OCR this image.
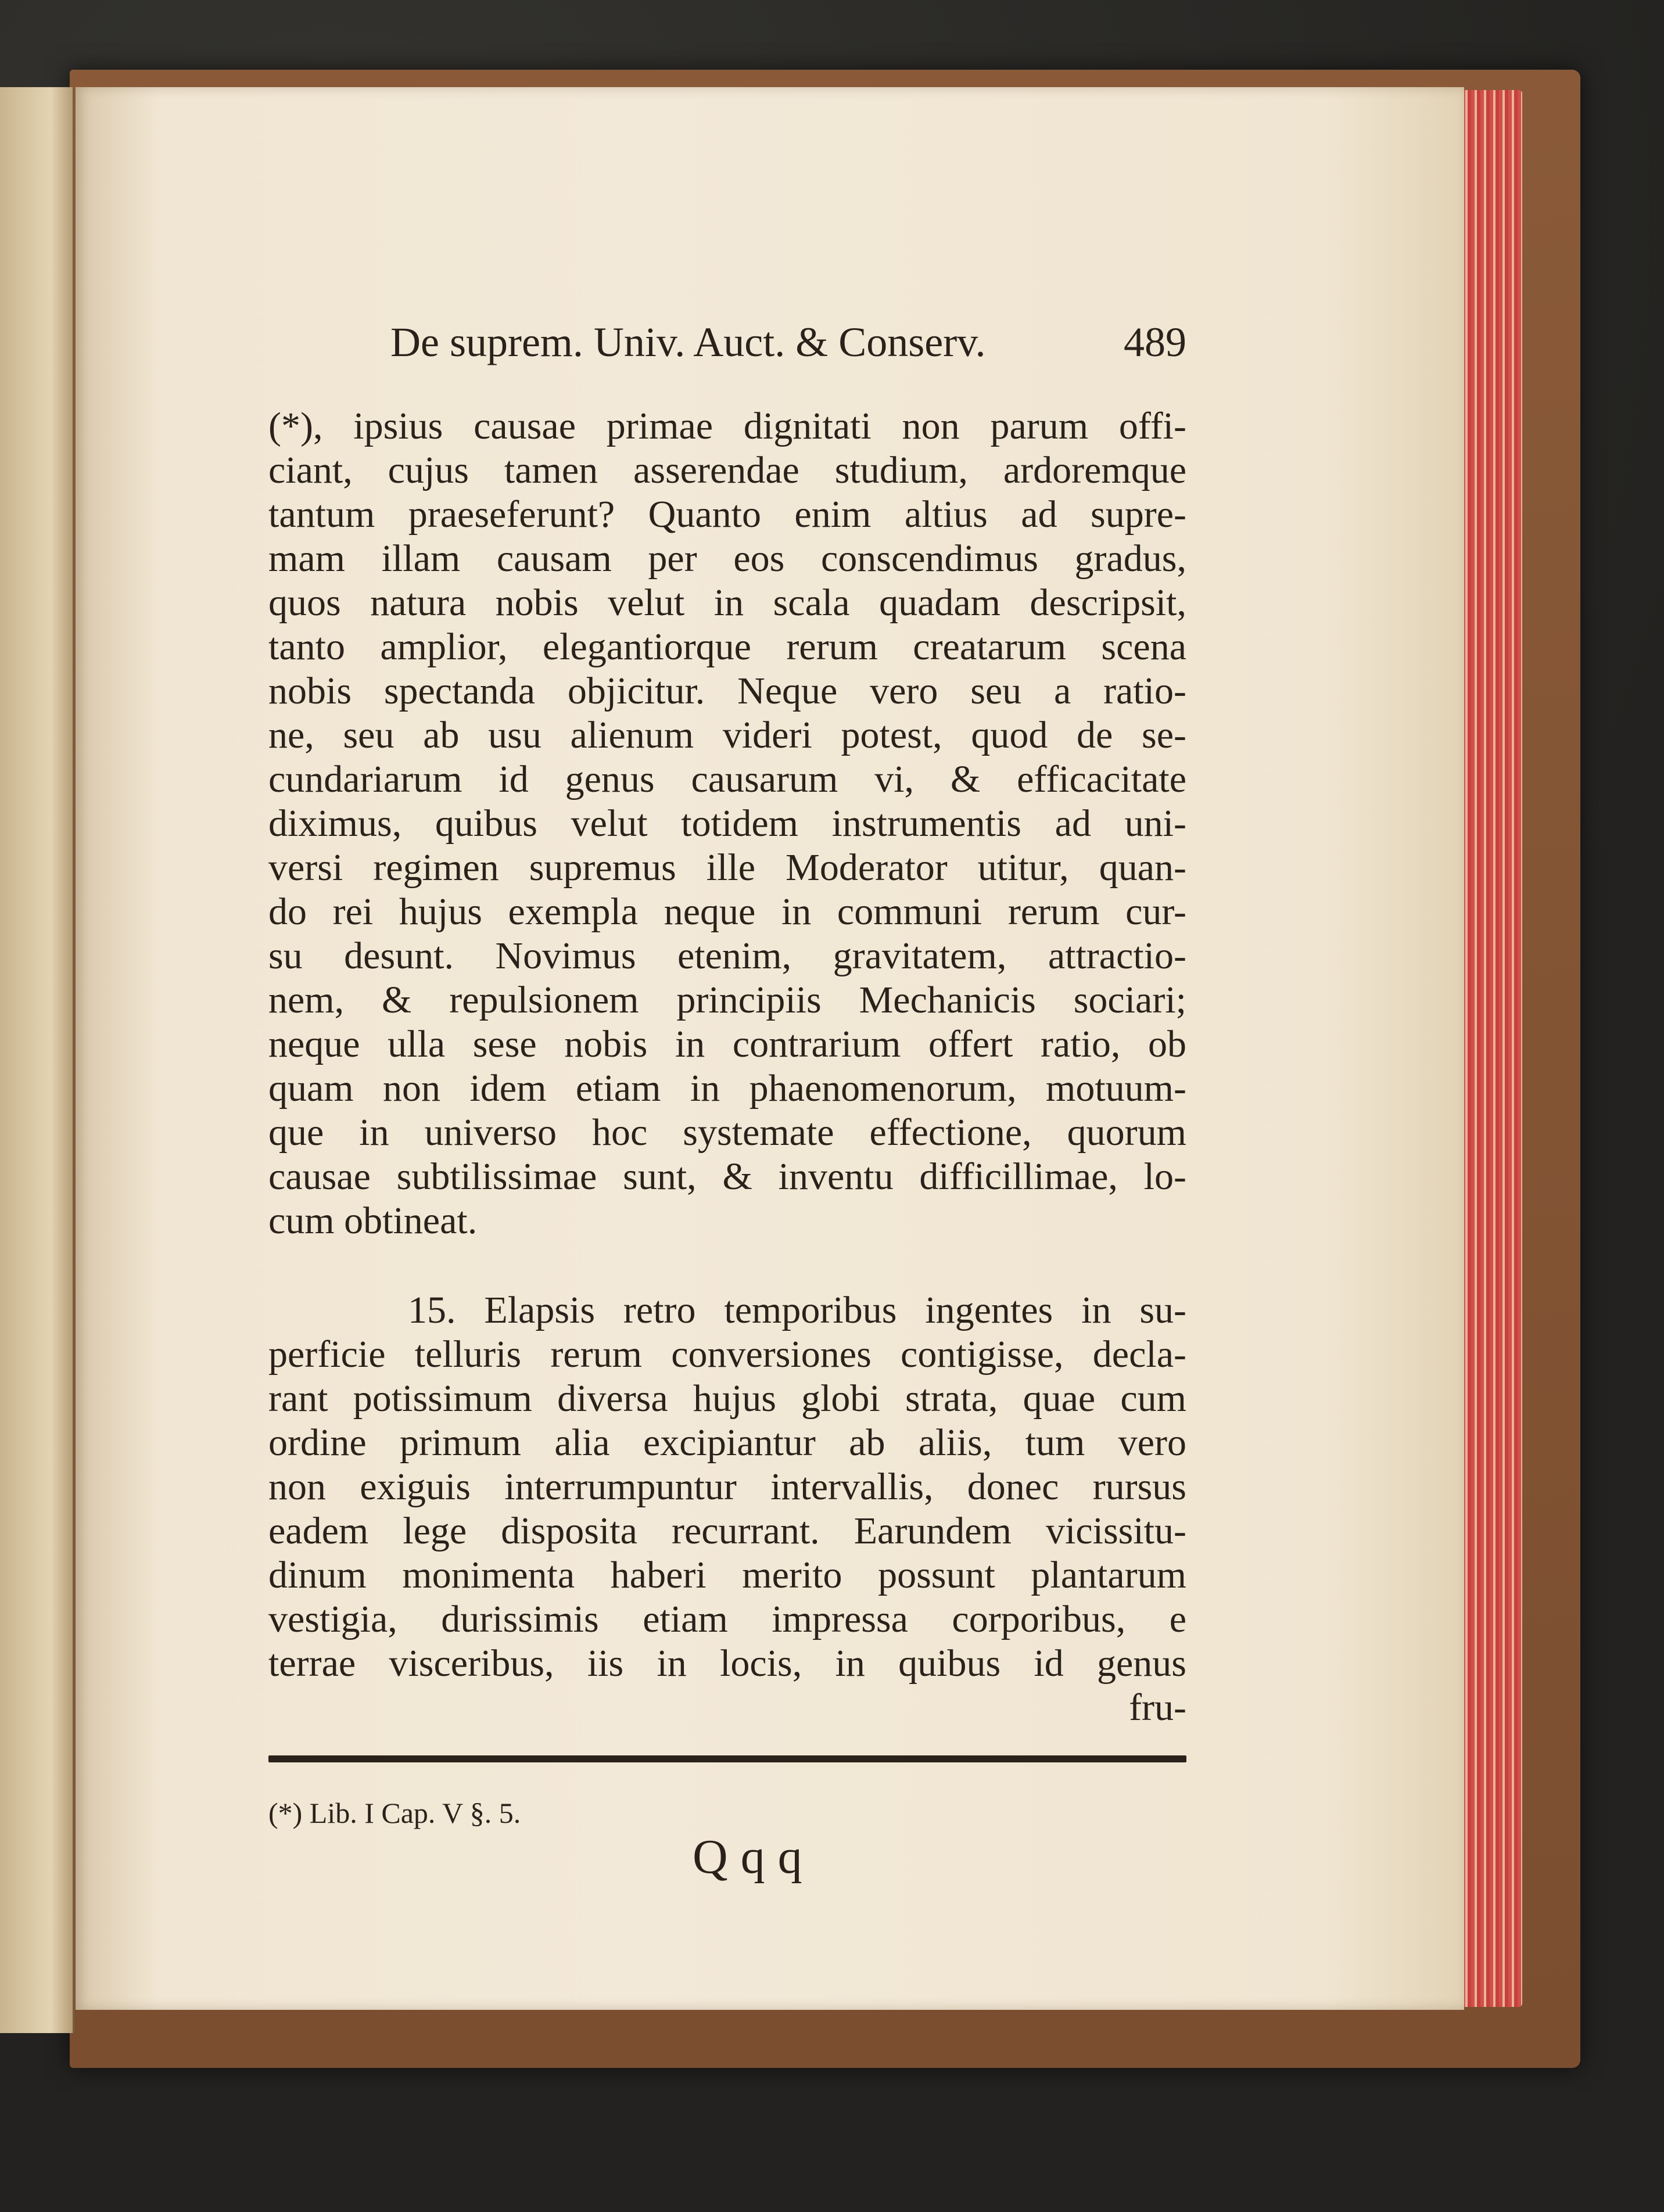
De suprem. Univ. Auct. & Conserv.	489
(*), ipsius causae primae dignitati non parum offi-
ciant, cujus tamen asserendae studium, ardoremque
tantum praeseferunt? Quanto enim altius ad supre-
mam illam causam per eos conscendimus gradus,
quos natura nobis velut in scala quadam descripsit,
tanto amplior, elegantiorque rerum creatarum scena
nobis spectanda objicitur. Neque vero seu a ratio-
ne, seu ab usu alienum videri potest, quod de se-
cundariarum id genus causarum vi, & efficacitate
diximus, quibus velut totidem instrumentis ad uni-
versi regimen supremus ille Moderator utitur, quan-
do rei hujus exempla neque in communi rerum cur-
su desunt. Novimus etenim, gravitatem, attractio-
nem, & repulsionem principiis Mechanicis sociari;
neque ulla sese nobis in contrarium offert ratio, ob
quam non idem etiam in phaenomenorum, motuum-
que in universo hoc systemate effectione, quorum
causae subtilissimae sunt, & inventu difficillimae, lo-
cum obtineat.
15. Elapsis retro temporibus ingentes in su-
perficie telluris rerum conversiones contigisse, decla-
rant potissimum diversa hujus globi strata, quae cum
ordine primum alia excipiantur ab aliis, tum vero
non exiguis interrumpuntur intervallis, donec rursus
eadem lege disposita recurrant. Earundem vicissitu-
dinum monimenta haberi merito possunt plantarum
vestigia, durissimis etiam impressa corporibus, e
terrae visceribus, iis in locis, in quibus id genus
fru-
(*) Lib. I Cap. V §. 5.
Qqq
